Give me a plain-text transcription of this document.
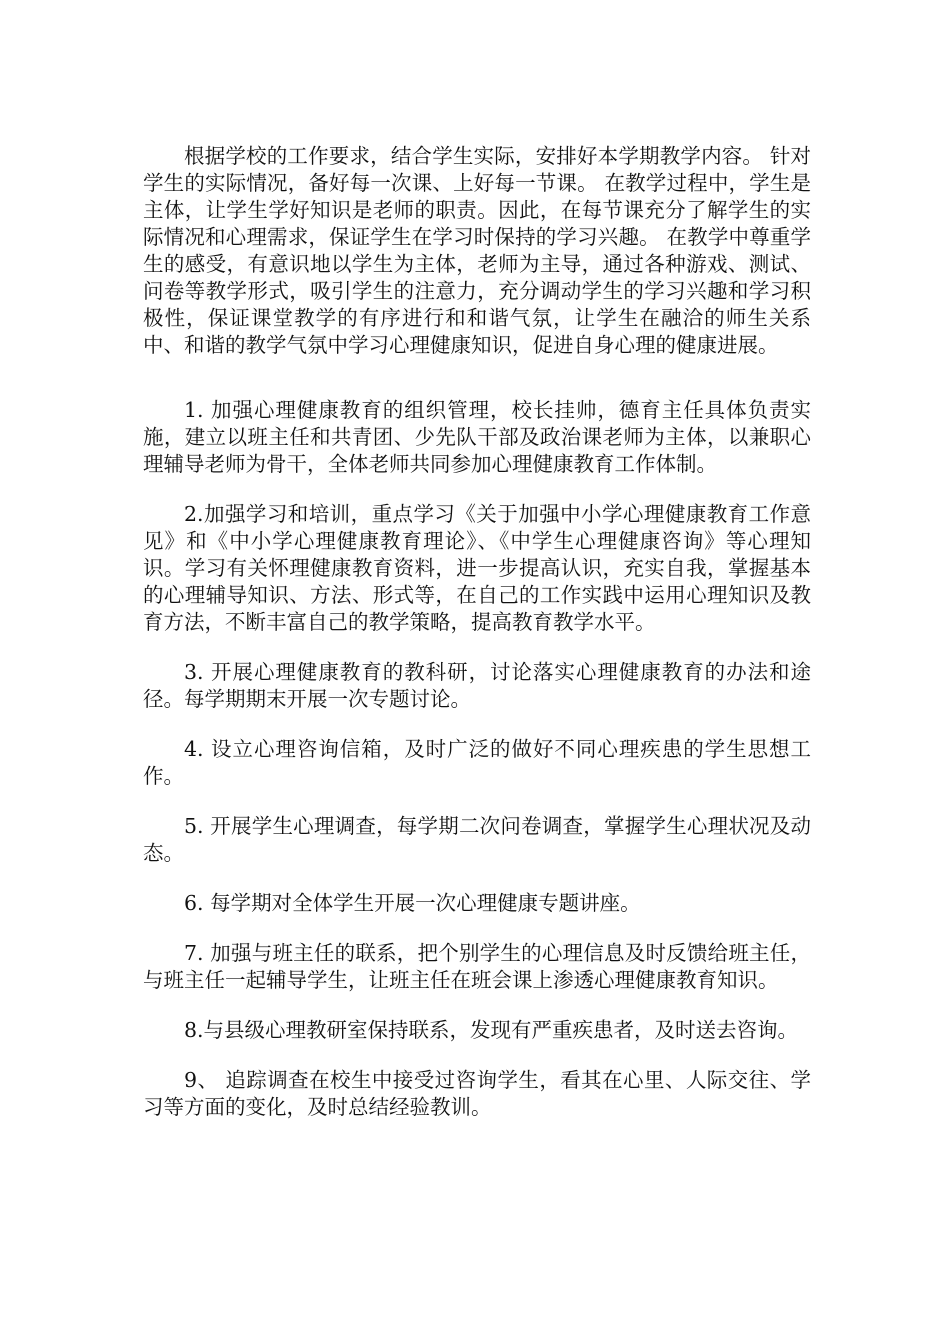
根据学校的工作要求，结合学生实际，安排好本学期教学内容。 针对学生的实际情况，备好每一次课、上好每一节课。 在教学过程中，学生是主体，让学生学好知识是老师的职责。因此，在每节课充分了解学生的实际情况和心理需求，保证学生在学习时保持的学习兴趣。 在教学中尊重学生的感受，有意识地以学生为主体，老师为主导，通过各种游戏、测试、问卷等教学形式，吸引学生的注意力，充分调动学生的学习兴趣和学习积极性，保证课堂教学的有序进行和和谐气氛，让学生在融洽的师生关系中、和谐的教学气氛中学习心理健康知识，促进自身心理的健康进展。

1. 加强心理健康教育的组织管理，校长挂帅，德育主任具体负责实施，建立以班主任和共青团、少先队干部及政治课老师为主体，以兼职心理辅导老师为骨干，全体老师共同参加心理健康教育工作体制。

2.加强学习和培训，重点学习《关于加强中小学心理健康教育工作意见》和《中小学心理健康教育理论》、《中学生心理健康咨询》等心理知识。学习有关怀理健康教育资料，进一步提高认识，充实自我，掌握基本的心理辅导知识、方法、形式等，在自己的工作实践中运用心理知识及教育方法，不断丰富自己的教学策略，提高教育教学水平。

3. 开展心理健康教育的教科研，讨论落实心理健康教育的办法和途径。每学期期末开展一次专题讨论。

4. 设立心理咨询信箱，及时广泛的做好不同心理疾患的学生思想工作。

5. 开展学生心理调查，每学期二次问卷调查，掌握学生心理状况及动态。

6. 每学期对全体学生开展一次心理健康专题讲座。

7. 加强与班主任的联系，把个别学生的心理信息及时反馈给班主任，与班主任一起辅导学生，让班主任在班会课上渗透心理健康教育知识。

8.与县级心理教研室保持联系，发现有严重疾患者，及时送去咨询。

9、 追踪调查在校生中接受过咨询学生，看其在心里、人际交往、学习等方面的变化，及时总结经验教训。
